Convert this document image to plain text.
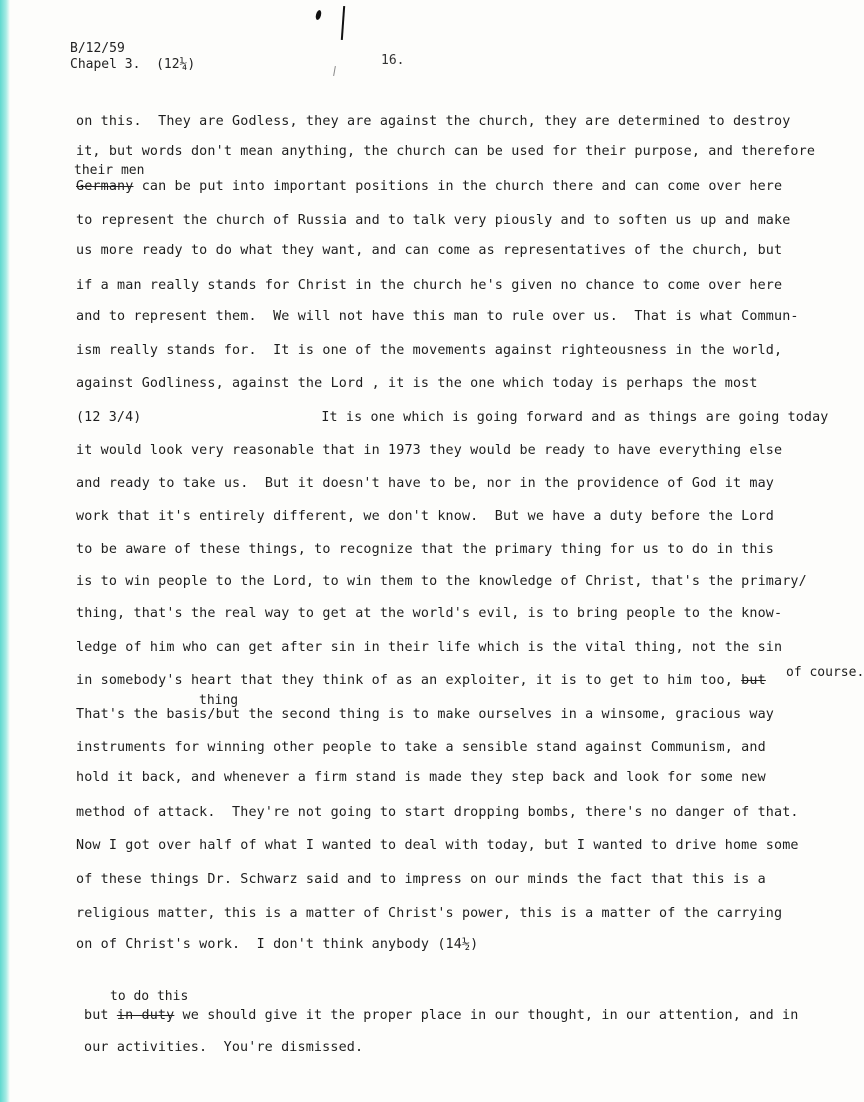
B/12/59
Chapel 3.  (12¼)	16.
on this.  They are Godless, they are against the church, they are determined to destroy
it, but words don't mean anything, the church can be used for their purpose, and therefore
Germany can be put into important positions in the church there and can come over here
to represent the church of Russia and to talk very piously and to soften us up and make
us more ready to do what they want, and can come as representatives of the church, but
if a man really stands for Christ in the church he's given no chance to come over here
and to represent them.  We will not have this man to rule over us.  That is what Commun-
ism really stands for.  It is one of the movements against righteousness in the world,
against Godliness, against the Lord , it is the one which today is perhaps the most
(12 3/4)                      It is one which is going forward and as things are going today
it would look very reasonable that in 1973 they would be ready to have everything else
and ready to take us.  But it doesn't have to be, nor in the providence of God it may
work that it's entirely different, we don't know.  But we have a duty before the Lord
to be aware of these things, to recognize that the primary thing for us to do in this
is to win people to the Lord, to win them to the knowledge of Christ, that's the primary/
thing, that's the real way to get at the world's evil, is to bring people to the know-
ledge of him who can get after sin in their life which is the vital thing, not the sin
in somebody's heart that they think of as an exploiter, it is to get to him too, but
That's the basis/but the second thing is to make ourselves in a winsome, gracious way
instruments for winning other people to take a sensible stand against Communism, and
hold it back, and whenever a firm stand is made they step back and look for some new
method of attack.  They're not going to start dropping bombs, there's no danger of that.
Now I got over half of what I wanted to deal with today, but I wanted to drive home some
of these things Dr. Schwarz said and to impress on our minds the fact that this is a
religious matter, this is a matter of Christ's power, this is a matter of the carrying
on of Christ's work.  I don't think anybody (14½)
but in duty we should give it the proper place in our thought, in our attention, and in
our activities.  You're dismissed.
their men
of course.
thing
to do this
